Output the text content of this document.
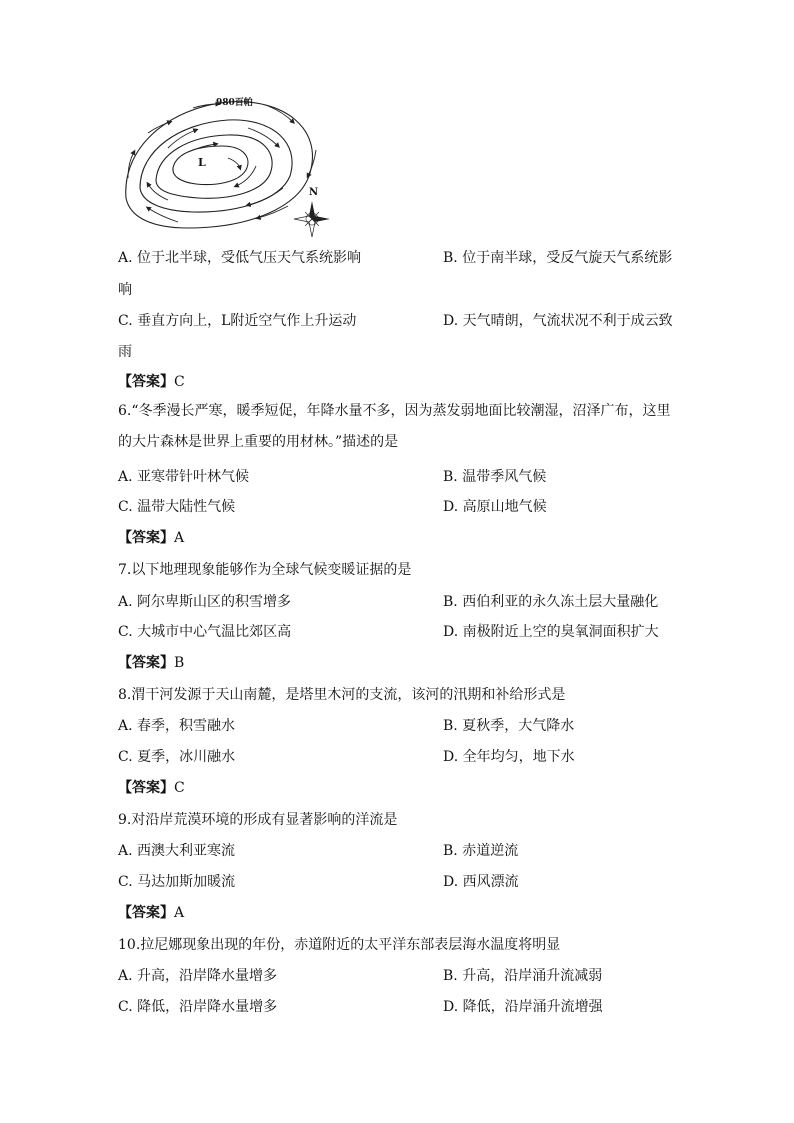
980百帕
L
N
A. 位于北半球，受低气压天气系统影响	B. 位于南半球，受反气旋天气系统影
响
C. 垂直方向上，L附近空气作上升运动	D. 天气晴朗，气流状况不利于成云致
雨
【答案】C
6.“冬季漫长严寒，暖季短促，年降水量不多，因为蒸发弱地面比较潮湿，沼泽广布，这里的大片森林是世界上重要的用材林。”描述的是
A. 亚寒带针叶林气候	B. 温带季风气候
C. 温带大陆性气候	D. 高原山地气候
【答案】A
7.以下地理现象能够作为全球气候变暖证据的是
A. 阿尔卑斯山区的积雪增多	B. 西伯利亚的永久冻土层大量融化
C. 大城市中心气温比郊区高	D. 南极附近上空的臭氧洞面积扩大
【答案】B
8.渭干河发源于天山南麓，是塔里木河的支流，该河的汛期和补给形式是
A. 春季，积雪融水	B. 夏秋季，大气降水
C. 夏季，冰川融水	D. 全年均匀，地下水
【答案】C
9.对沿岸荒漠环境的形成有显著影响的洋流是
A. 西澳大利亚寒流	B. 赤道逆流
C. 马达加斯加暖流	D. 西风漂流
【答案】A
10.拉尼娜现象出现的年份，赤道附近的太平洋东部表层海水温度将明显
A. 升高，沿岸降水量增多	B. 升高，沿岸涌升流减弱
C. 降低，沿岸降水量增多	D. 降低，沿岸涌升流增强
